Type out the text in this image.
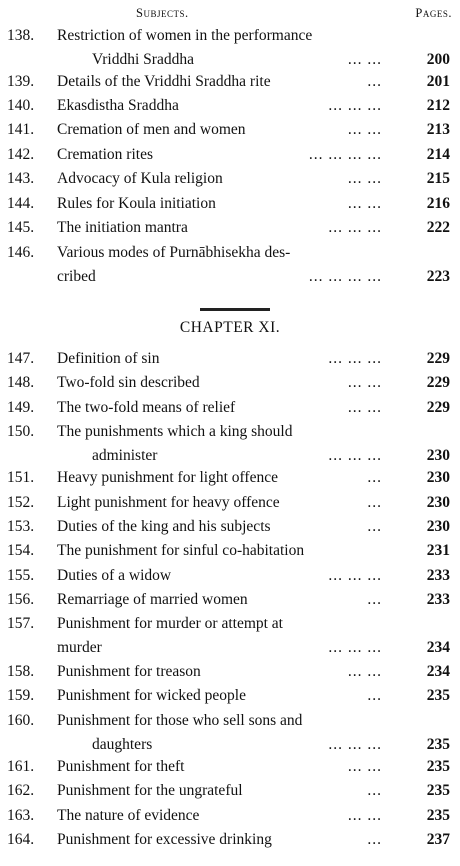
Subjects.	Pages.
138. Restriction of women in the performance
Vriddhi Sraddha	... ...	200
139. Details of the Vriddhi Sraddha rite	...	201
140. Ekasdistha Sraddha	... ... ...	212
141. Cremation of men and women	... ...	213
142. Cremation rites	... ... ... ...	214
143. Advocacy of Kula religion	... ...	215
144. Rules for Koula initiation	... ...	216
145. The initiation mantra	... ... ...	222
146. Various modes of Purnābhisekha des-
cribed	... ... ... ...	223
CHAPTER XI.
147. Definition of sin	... ... ...	229
148. Two-fold sin described	... ...	229
149. The two-fold means of relief	... ...	229
150. The punishments which a king should
administer	... ... ...	230
151. Heavy punishment for light offence	...	230
152. Light punishment for heavy offence	...	230
153. Duties of the king and his subjects	...	230
154. The punishment for sinful co-habitation	231
155. Duties of a widow	... ... ...	233
156. Remarriage of married women	...	233
157. Punishment for murder or attempt at
murder	... ... ...	234
158. Punishment for treason	... ...	234
159. Punishment for wicked people	...	235
160. Punishment for those who sell sons and
daughters	... ... ...	235
161. Punishment for theft	... ...	235
162. Punishment for the ungrateful	...	235
163. The nature of evidence	... ...	235
164. Punishment for excessive drinking	...	237
